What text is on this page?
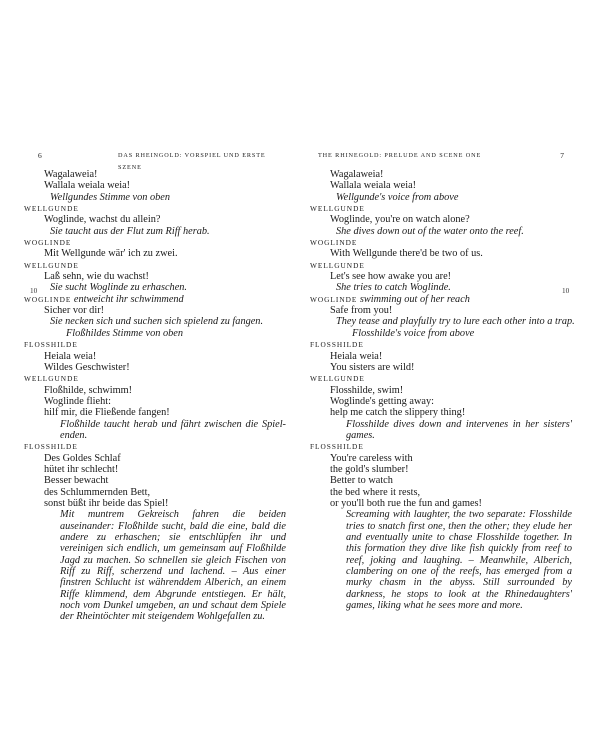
6	DAS RHEINGOLD: VORSPIEL UND ERSTE SZENE
Wagalaweia!
Wallala weiala weia!
Wellgundes Stimme von oben
WELLGUNDE
Woglinde, wachst du allein?
Sie taucht aus der Flut zum Riff herab.
WOGLINDE
Mit Wellgunde wär' ich zu zwei.
WELLGUNDE
Laß sehn, wie du wachst!
Sie sucht Woglinde zu erhaschen.
WOGLINDE entweicht ihr schwimmend
Sicher vor dir!
Sie necken sich und suchen sich spielend zu fangen.
Floßhildes Stimme von oben
FLOSSHILDE
Heiala weia!
Wildes Geschwister!
WELLGUNDE
Floßhilde, schwimm!
Woglinde flieht:
hilf mir, die Fließende fangen!
Floßhilde taucht herab und fährt zwischen die Spiel-enden.
FLOSSHILDE
Des Goldes Schlaf
hütet ihr schlecht!
Besser bewacht
des Schlummernden Bett,
sonst büßt ihr beide das Spiel!
Mit muntrem Gekreisch fahren die beiden auseinander: Floßhilde sucht, bald die eine, bald die andere zu erhaschen; sie entschlüpfen ihr und vereinigen sich endlich, um gemeinsam auf Floßhilde Jagd zu machen. So schnellen sie gleich Fischen von Riff zu Riff, scherzend und lachend. – Aus einer finstren Schlucht ist währenddem Alberich, an einem Riffe klimmend, dem Abgrunde entstiegen. Er hält, noch vom Dunkel umgeben, an und schaut dem Spiele der Rheintöchter mit steigendem Wohlgefallen zu.
THE RHINEGOLD: PRELUDE AND SCENE ONE	7
Wagalaweia!
Wallala weiala weia!
Wellgunde's voice from above
WELLGUNDE
Woglinde, you're on watch alone?
She dives down out of the water onto the reef.
WOGLINDE
With Wellgunde there'd be two of us.
WELLGUNDE
Let's see how awake you are!
She tries to catch Woglinde.
WOGLINDE swimming out of her reach
Safe from you!
They tease and playfully try to lure each other into a trap.
Flosshilde's voice from above
FLOSSHILDE
Heiala weia!
You sisters are wild!
WELLGUNDE
Flosshilde, swim!
Woglinde's getting away:
help me catch the slippery thing!
Flosshilde dives down and intervenes in her sisters' games.
FLOSSHILDE
You're careless with
the gold's slumber!
Better to watch
the bed where it rests,
or you'll both rue the fun and games!
Screaming with laughter, the two separate: Flosshilde tries to snatch first one, then the other; they elude her and eventually unite to chase Flosshilde together. In this formation they dive like fish quickly from reef to reef, joking and laughing. – Meanwhile, Alberich, clambering on one of the reefs, has emerged from a murky chasm in the abyss. Still surrounded by darkness, he stops to look at the Rhinedaughters' games, liking what he sees more and more.
10	10
